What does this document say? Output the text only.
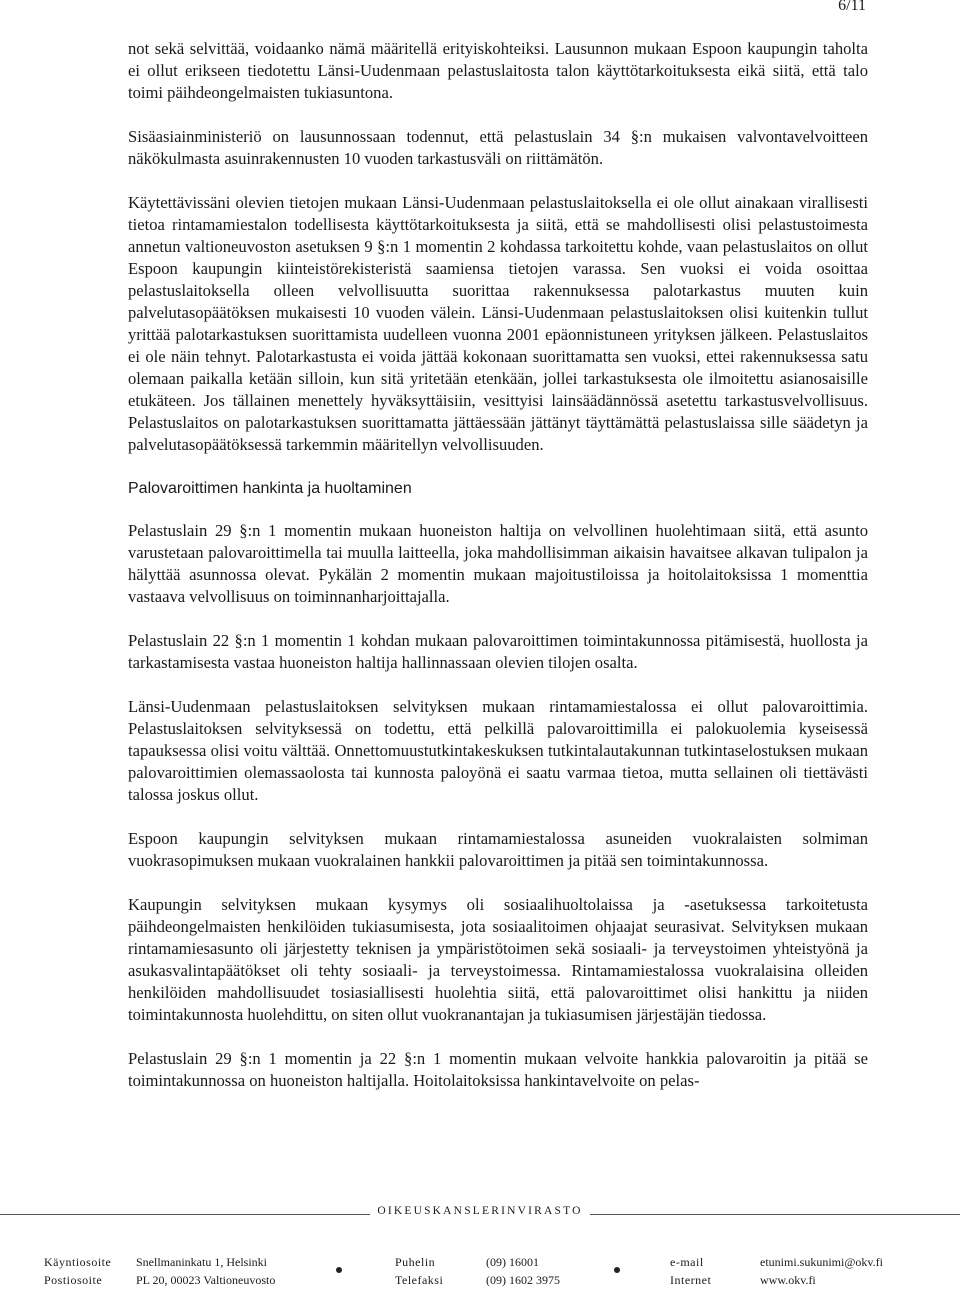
6/11

not sekä selvittää, voidaanko nämä määritellä erityiskohteiksi. Lausunnon mukaan Espoon kaupungin taholta ei ollut erikseen tiedotettu Länsi-Uudenmaan pelastuslaitosta talon käyttötarkoituksesta eikä siitä, että talo toimi päihdeongelmaisten tukiasuntona.

Sisäasiainministeriö on lausunnossaan todennut, että pelastuslain 34 §:n mukaisen valvontavelvoitteen näkökulmasta asuinrakennusten 10 vuoden tarkastusväli on riittämätön.

Käytettävissäni olevien tietojen mukaan Länsi-Uudenmaan pelastuslaitoksella ei ole ollut ainakaan virallisesti tietoa rintamamiestalon todellisesta käyttötarkoituksesta ja siitä, että se mahdollisesti olisi pelastustoimesta annetun valtioneuvoston asetuksen 9 §:n 1 momentin 2 kohdassa tarkoitettu kohde, vaan pelastuslaitos on ollut Espoon kaupungin kiinteistörekisteristä saamiensa tietojen varassa. Sen vuoksi ei voida osoittaa pelastuslaitoksella olleen velvollisuutta suorittaa rakennuksessa palotarkastus muuten kuin palvelutasopäätöksen mukaisesti 10 vuoden välein. Länsi-Uudenmaan pelastuslaitoksen olisi kuitenkin tullut yrittää palotarkastuksen suorittamista uudelleen vuonna 2001 epäonnistuneen yrityksen jälkeen. Pelastuslaitos ei ole näin tehnyt. Palotarkastusta ei voida jättää kokonaan suorittamatta sen vuoksi, ettei rakennuksessa satu olemaan paikalla ketään silloin, kun sitä yritetään etenkään, jollei tarkastuksesta ole ilmoitettu asianosaisille etukäteen. Jos tällainen menettely hyväksyttäisiin, vesittyisi lainsäädännössä asetettu tarkastusvelvollisuus. Pelastuslaitos on palotarkastuksen suorittamatta jättäessään jättänyt täyttämättä pelastuslaissa sille säädetyn ja palvelutasopäätöksessä tarkemmin määritellyn velvollisuuden.

Palovaroittimen hankinta ja huoltaminen

Pelastuslain 29 §:n 1 momentin mukaan huoneiston haltija on velvollinen huolehtimaan siitä, että asunto varustetaan palovaroittimella tai muulla laitteella, joka mahdollisimman aikaisin havaitsee alkavan tulipalon ja hälyttää asunnossa olevat. Pykälän 2 momentin mukaan majoitustiloissa ja hoitolaitoksissa 1 momenttia vastaava velvollisuus on toiminnanharjoittajalla.

Pelastuslain 22 §:n 1 momentin 1 kohdan mukaan palovaroittimen toimintakunnossa pitämisestä, huollosta ja tarkastamisesta vastaa huoneiston haltija hallinnassaan olevien tilojen osalta.

Länsi-Uudenmaan pelastuslaitoksen selvityksen mukaan rintamamiestalossa ei ollut palovaroittimia. Pelastuslaitoksen selvityksessä on todettu, että pelkillä palovaroittimilla ei palokuolemia kyseisessä tapauksessa olisi voitu välttää. Onnettomuustutkintakeskuksen tutkintalautakunnan tutkintaselostuksen mukaan palovaroittimien olemassaolosta tai kunnosta paloyönä ei saatu varmaa tietoa, mutta sellainen oli tiettävästi talossa joskus ollut.

Espoon kaupungin selvityksen mukaan rintamamiestalossa asuneiden vuokralaisten solmiman vuokrasopimuksen mukaan vuokralainen hankkii palovaroittimen ja pitää sen toimintakunnossa.

Kaupungin selvityksen mukaan kysymys oli sosiaalihuoltolaissa ja -asetuksessa tarkoitetusta päihdeongelmaisten henkilöiden tukiasumisesta, jota sosiaalitoimen ohjaajat seurasivat. Selvityksen mukaan rintamamiesasunto oli järjestetty teknisen ja ympäristötoimen sekä sosiaali- ja terveystoimen yhteistyönä ja asukasvalintapäätökset oli tehty sosiaali- ja terveystoimessa. Rintamamiestalossa vuokralaisina olleiden henkilöiden mahdollisuudet tosiasiallisesti huolehtia siitä, että palovaroittimet olisi hankittu ja niiden toimintakunnosta huolehdittu, on siten ollut vuokranantajan ja tukiasumisen järjestäjän tiedossa.

Pelastuslain 29 §:n 1 momentin ja 22 §:n 1 momentin mukaan velvoite hankkia palovaroitin ja pitää se toimintakunnossa on huoneiston haltijalla. Hoitolaitoksissa hankintavelvoite on pelas-

OIKEUSKANSLERINVIRASTO
Käyntiosoite Snellmaninkatu 1, Helsinki
Postiosoite	PL 20, 00023 Valtioneuvosto
Puhelin	(09) 16001
Telefaksi	(09) 1602 3975
e-mail	etunimi.sukunimi@okv.fi
Internet	www.okv.fi
